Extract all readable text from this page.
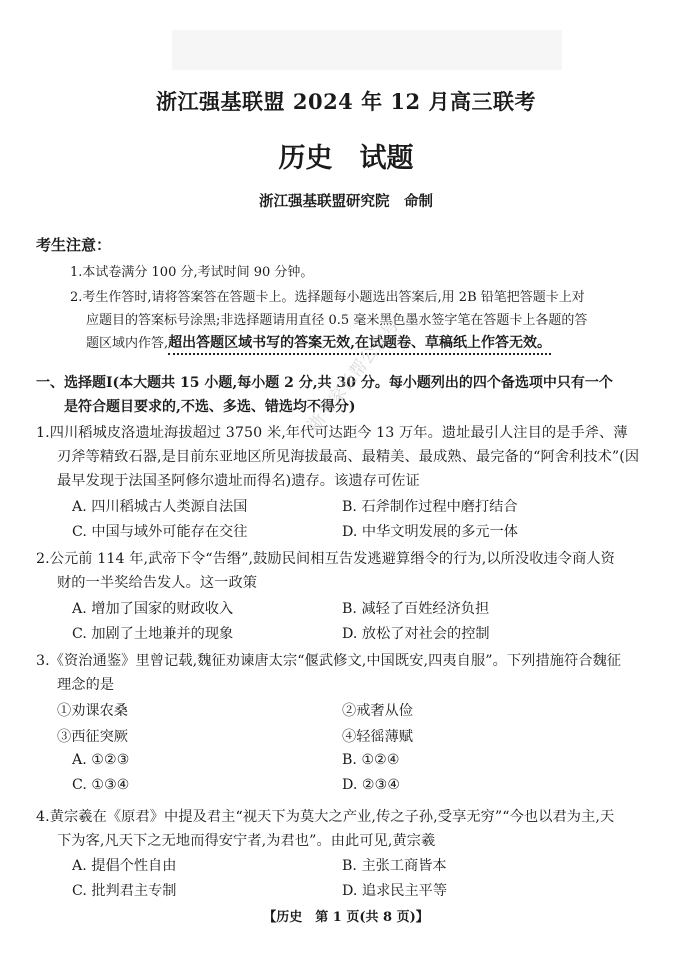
浙江强基联盟 2024 年 12 月高三联考
历史　试题
浙江强基联盟研究院　命制
考生注意：
1.本试卷满分 100 分,考试时间 90 分钟。
2.考生作答时,请将答案答在答题卡上。选择题每小题选出答案后,用 2B 铅笔把答题卡上对
应题目的答案标号涂黑;非选择题请用直径 0.5 毫米黑色墨水签字笔在答题卡上各题的答
题区域内作答,超出答题区域书写的答案无效,在试题卷、草稿纸上作答无效。
一、选择题Ⅰ(本大题共 15 小题,每小题 2 分,共 30 分。每小题列出的四个备选项中只有一个
是符合题目要求的,不选、多选、错选均不得分)
1.四川稻城皮洛遗址海拔超过 3750 米,年代可达距今 13 万年。遗址最引人注目的是手斧、薄
刃斧等精致石器,是目前东亚地区所见海拔最高、最精美、最成熟、最完备的“阿舍利技术”(因
最早发现于法国圣阿修尔遗址而得名)遗存。该遗存可佐证
A. 四川稻城古人类源自法国	B. 石斧制作过程中磨打结合
C. 中国与域外可能存在交往	D. 中华文明发展的多元一体
2.公元前 114 年,武帝下令“告缗”,鼓励民间相互告发逃避算缗令的行为,以所没收违令商人资
财的一半奖给告发人。这一政策
A. 增加了国家的财政收入	B. 减轻了百姓经济负担
C. 加剧了土地兼并的现象	D. 放松了对社会的控制
3.《资治通鉴》里曾记载,魏征劝谏唐太宗“偃武修文,中国既安,四夷自服”。下列措施符合魏征
理念的是
①劝课农桑	②戒奢从俭
③西征突厥	④轻徭薄赋
A. ①②③	B. ①②④
C. ①③④	D. ②③④
4.黄宗羲在《原君》中提及君主“视天下为莫大之产业,传之子孙,受享无穷”“今也以君为主,天
下为客,凡天下之无地而得安宁者,为君也”。由此可见,黄宗羲
A. 提倡个性自由	B. 主张工商皆本
C. 批判君主专制	D. 追求民主平等
【历史　第 1 页(共 8 页)】
浙考家长帮公众号
